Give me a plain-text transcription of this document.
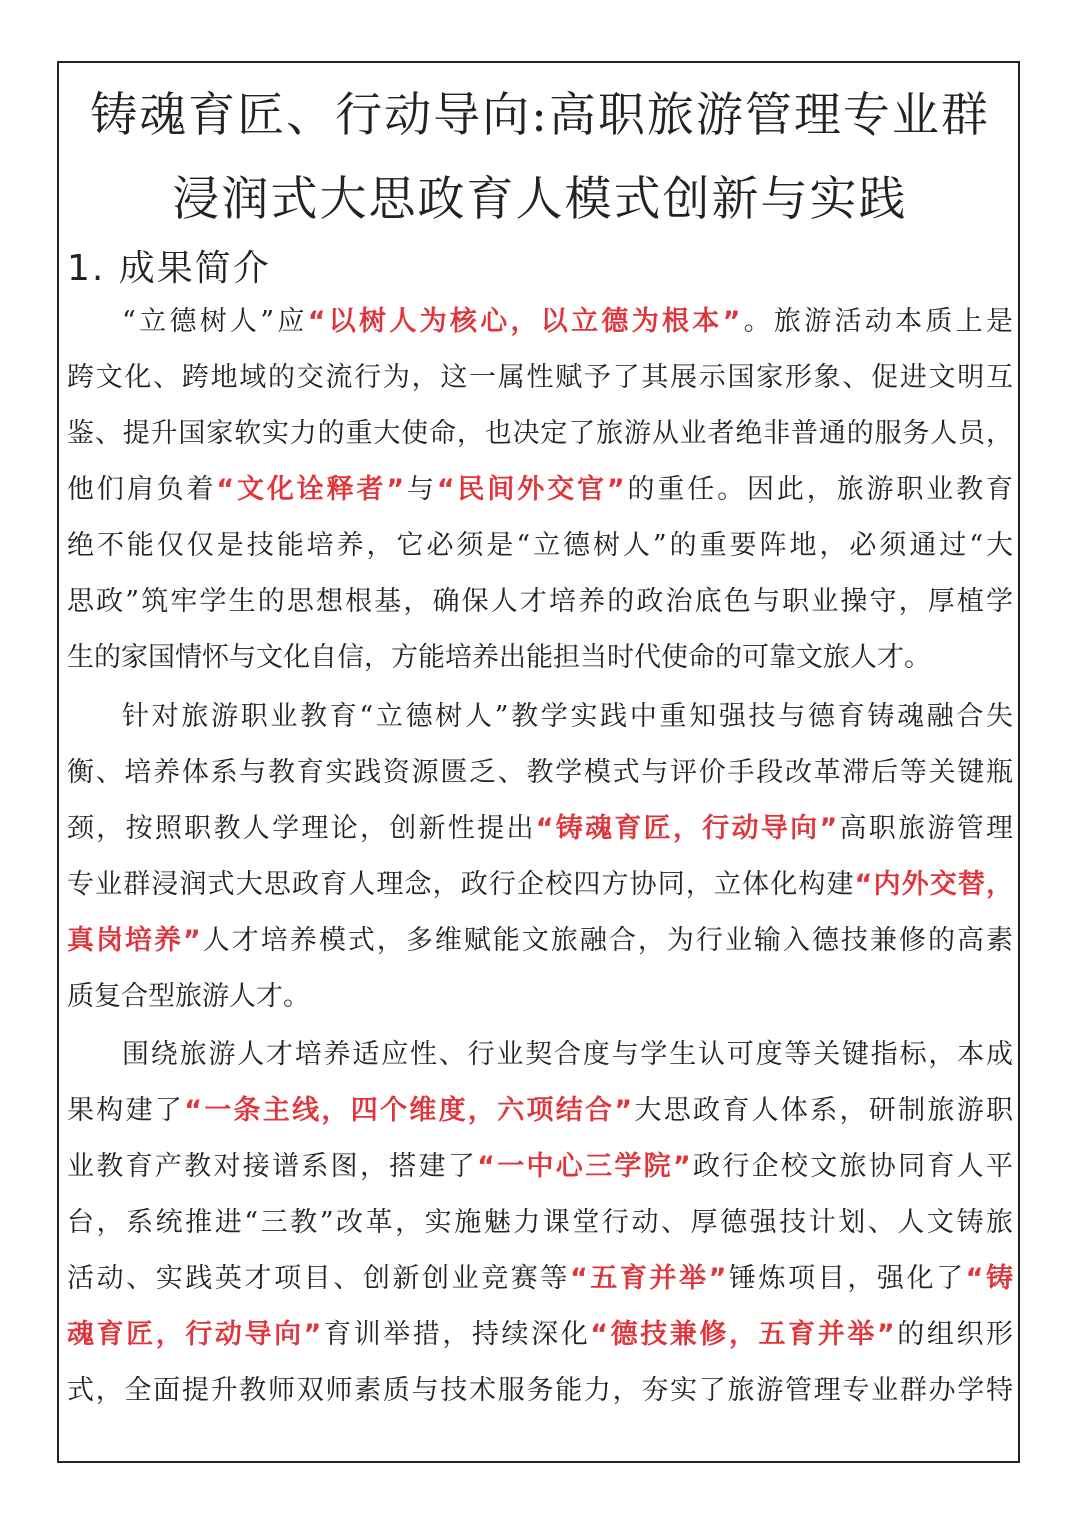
铸魂育匠、行动导向:高职旅游管理专业群
浸润式大思政育人模式创新与实践
1. 成果简介
“立德树人”应“以树人为核心，以立德为根本”。旅游活动本质上是
跨文化、跨地域的交流行为，这一属性赋予了其展示国家形象、促进文明互
鉴、提升国家软实力的重大使命，也决定了旅游从业者绝非普通的服务人员，
他们肩负着“文化诠释者”与“民间外交官”的重任。因此，旅游职业教育
绝不能仅仅是技能培养，它必须是“立德树人”的重要阵地，必须通过“大
思政”筑牢学生的思想根基，确保人才培养的政治底色与职业操守，厚植学
生的家国情怀与文化自信，方能培养出能担当时代使命的可靠文旅人才。
针对旅游职业教育“立德树人”教学实践中重知强技与德育铸魂融合失
衡、培养体系与教育实践资源匮乏、教学模式与评价手段改革滞后等关键瓶
颈，按照职教人学理论，创新性提出“铸魂育匠，行动导向”高职旅游管理
专业群浸润式大思政育人理念，政行企校四方协同，立体化构建“内外交替，
真岗培养”人才培养模式，多维赋能文旅融合，为行业输入德技兼修的高素
质复合型旅游人才。
围绕旅游人才培养适应性、行业契合度与学生认可度等关键指标，本成
果构建了“一条主线，四个维度，六项结合”大思政育人体系，研制旅游职
业教育产教对接谱系图，搭建了“一中心三学院”政行企校文旅协同育人平
台，系统推进“三教”改革，实施魅力课堂行动、厚德强技计划、人文铸旅
活动、实践英才项目、创新创业竞赛等“五育并举”锤炼项目，强化了“铸
魂育匠，行动导向”育训举措，持续深化“德技兼修，五育并举”的组织形
式，全面提升教师双师素质与技术服务能力，夯实了旅游管理专业群办学特
